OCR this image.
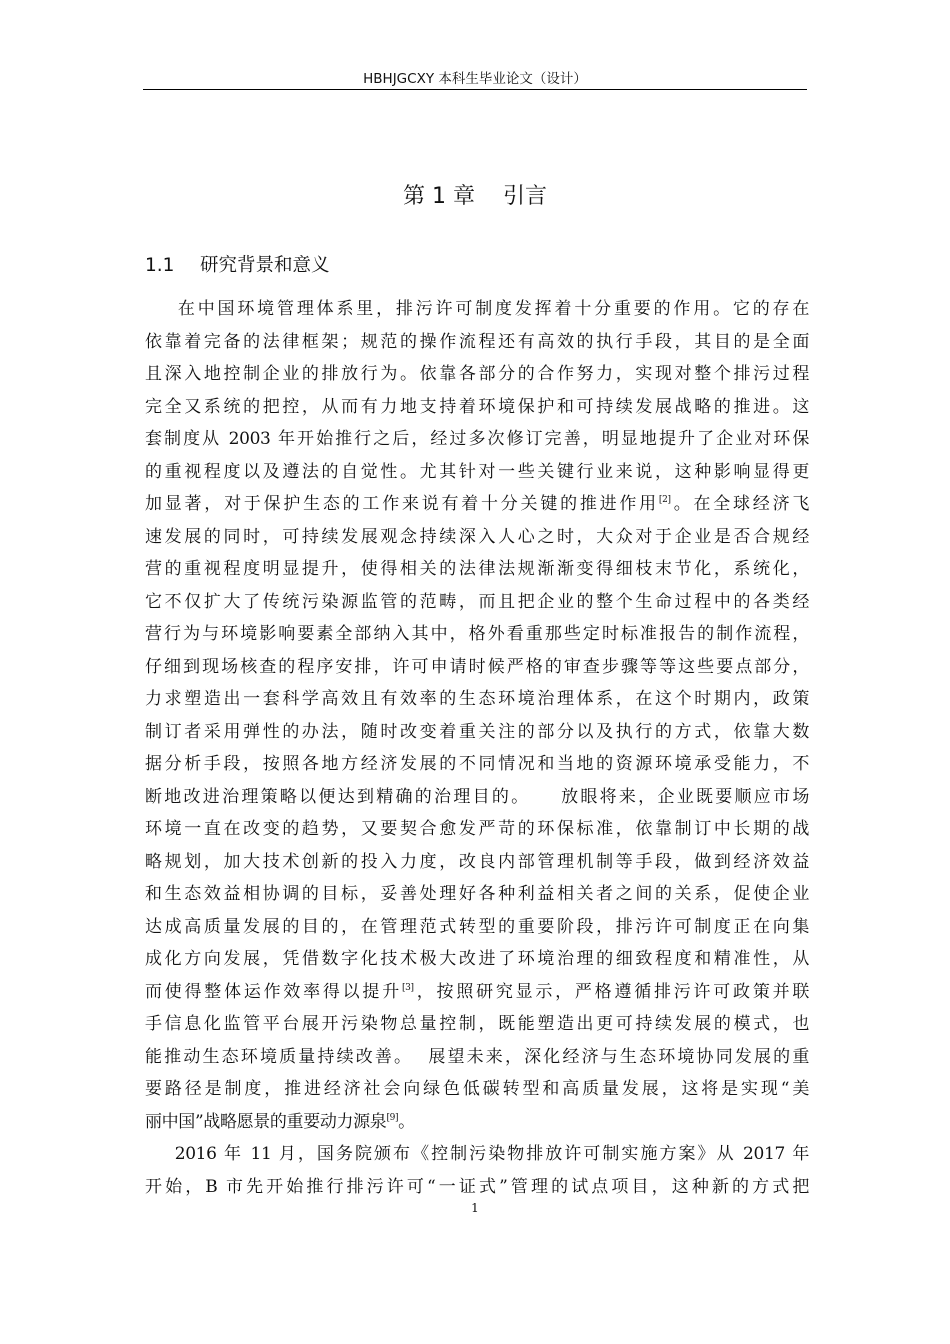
HBHJGCXY 本科生毕业论文（设计）
第 1 章    引言
1.1 研究背景和意义
在中国环境管理体系里，排污许可制度发挥着十分重要的作用。它的存在
依靠着完备的法律框架；规范的操作流程还有高效的执行手段，其目的是全面
且深入地控制企业的排放行为。依靠各部分的合作努力，实现对整个排污过程
完全又系统的把控，从而有力地支持着环境保护和可持续发展战略的推进。这
套制度从 2003 年开始推行之后，经过多次修订完善，明显地提升了企业对环保
的重视程度以及遵法的自觉性。尤其针对一些关键行业来说，这种影响显得更
加显著，对于保护生态的工作来说有着十分关键的推进作用[2]。在全球经济飞
速发展的同时，可持续发展观念持续深入人心之时，大众对于企业是否合规经
营的重视程度明显提升，使得相关的法律法规渐渐变得细枝末节化，系统化，
它不仅扩大了传统污染源监管的范畴，而且把企业的整个生命过程中的各类经
营行为与环境影响要素全部纳入其中，格外看重那些定时标准报告的制作流程，
仔细到现场核查的程序安排，许可申请时候严格的审查步骤等等这些要点部分，
力求塑造出一套科学高效且有效率的生态环境治理体系，在这个时期内，政策
制订者采用弹性的办法，随时改变着重关注的部分以及执行的方式，依靠大数
据分析手段，按照各地方经济发展的不同情况和当地的资源环境承受能力，不
断地改进治理策略以便达到精确的治理目的。    放眼将来，企业既要顺应市场
环境一直在改变的趋势，又要契合愈发严苛的环保标准，依靠制订中长期的战
略规划，加大技术创新的投入力度，改良内部管理机制等手段，做到经济效益
和生态效益相协调的目标，妥善处理好各种利益相关者之间的关系，促使企业
达成高质量发展的目的，在管理范式转型的重要阶段，排污许可制度正在向集
成化方向发展，凭借数字化技术极大改进了环境治理的细致程度和精准性，从
而使得整体运作效率得以提升[3]，按照研究显示，严格遵循排污许可政策并联
手信息化监管平台展开污染物总量控制，既能塑造出更可持续发展的模式，也
能推动生态环境质量持续改善。  展望未来，深化经济与生态环境协同发展的重
要路径是制度，推进经济社会向绿色低碳转型和高质量发展，这将是实现“美
丽中国”战略愿景的重要动力源泉[9]。
2016 年 11 月，国务院颁布《控制污染物排放许可制实施方案》从 2017 年
开始，B 市先开始推行排污许可“一证式”管理的试点项目，这种新的方式把
1
